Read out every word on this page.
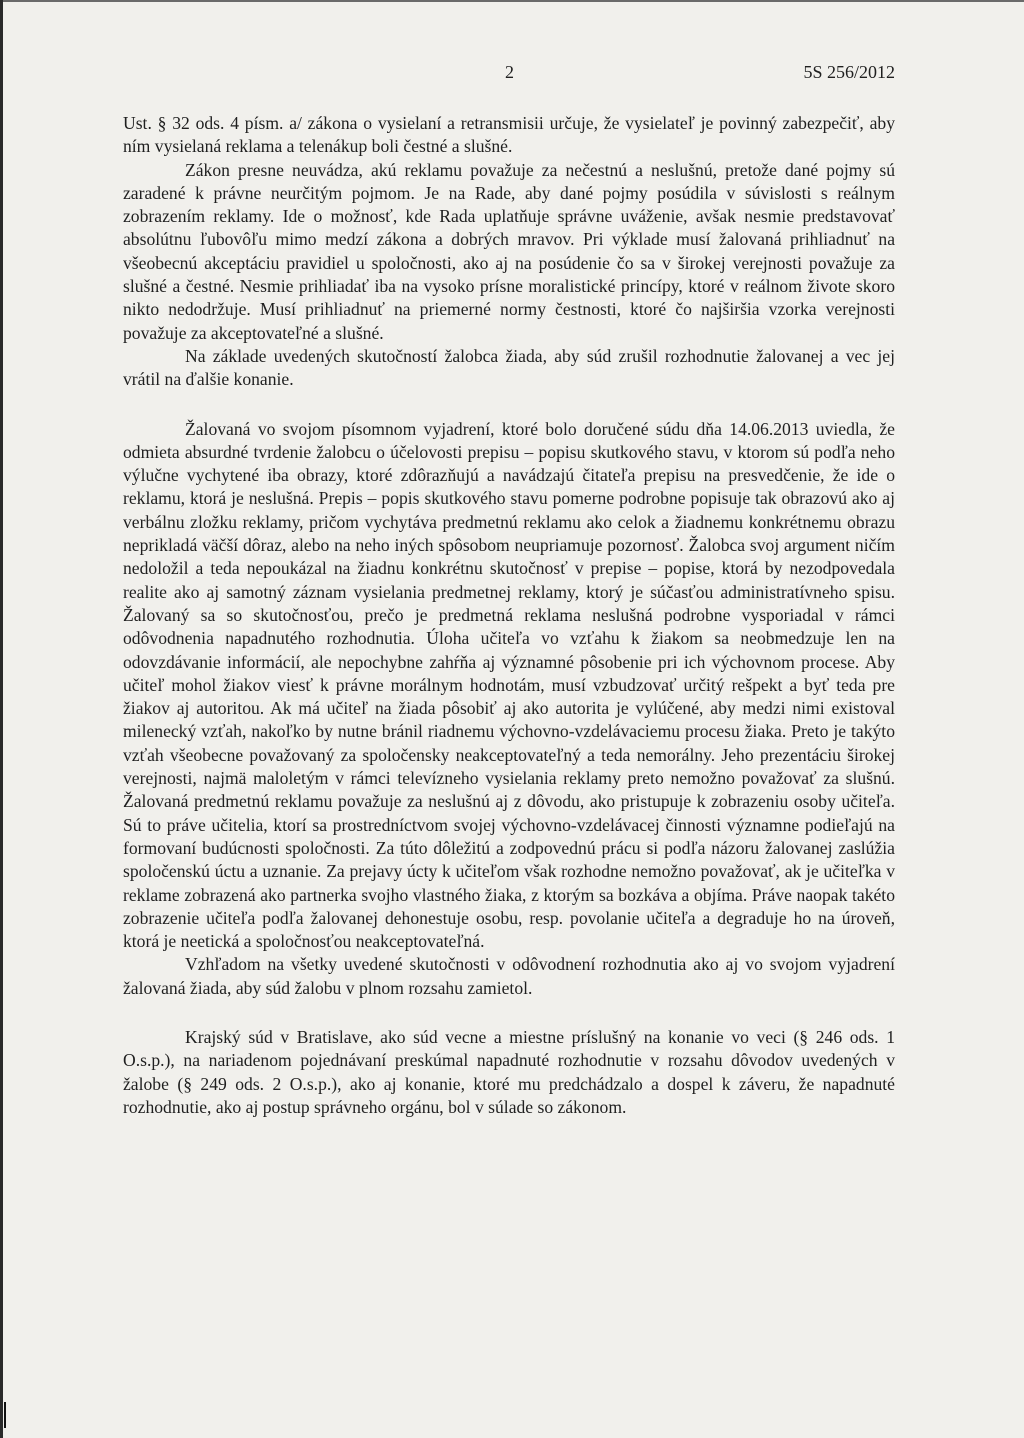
2	5S 256/2012

Ust. § 32 ods. 4 písm. a/ zákona o vysielaní a retransmisii určuje, že vysielateľ je povinný zabezpečiť, aby ním vysielaná reklama a telenákup boli čestné a slušné.

Zákon presne neuvádza, akú reklamu považuje za nečestnú a neslušnú, pretože dané pojmy sú zaradené k právne neurčitým pojmom. Je na Rade, aby dané pojmy posúdila v súvislosti s reálnym zobrazením reklamy. Ide o možnosť, kde Rada uplatňuje správne uváženie, avšak nesmie predstavovať absolútnu ľubovôľu mimo medzí zákona a dobrých mravov. Pri výklade musí žalovaná prihliadnuť na všeobecnú akceptáciu pravidiel u spoločnosti, ako aj na posúdenie čo sa v širokej verejnosti považuje za slušné a čestné. Nesmie prihliadať iba na vysoko prísne moralistické princípy, ktoré v reálnom živote skoro nikto nedodržuje. Musí prihliadnuť na priemerné normy čestnosti, ktoré čo najširšia vzorka verejnosti považuje za akceptovateľné a slušné.

Na základe uvedených skutočností žalobca žiada, aby súd zrušil rozhodnutie žalovanej a vec jej vrátil na ďalšie konanie.

Žalovaná vo svojom písomnom vyjadrení, ktoré bolo doručené súdu dňa 14.06.2013 uviedla, že odmieta absurdné tvrdenie žalobcu o účelovosti prepisu – popisu skutkového stavu, v ktorom sú podľa neho výlučne vychytené iba obrazy, ktoré zdôrazňujú a navádzajú čitateľa prepisu na presvedčenie, že ide o reklamu, ktorá je neslušná. Prepis – popis skutkového stavu pomerne podrobne popisuje tak obrazovú ako aj verbálnu zložku reklamy, pričom vychytáva predmetnú reklamu ako celok a žiadnemu konkrétnemu obrazu neprikladá väčší dôraz, alebo na neho iných spôsobom neupriamuje pozornosť. Žalobca svoj argument ničím nedoložil a teda nepoukázal na žiadnu konkrétnu skutočnosť v prepise – popise, ktorá by nezodpovedala realite ako aj samotný záznam vysielania predmetnej reklamy, ktorý je súčasťou administratívneho spisu. Žalovaný sa so skutočnosťou, prečo je predmetná reklama neslušná podrobne vysporiadal v rámci odôvodnenia napadnutého rozhodnutia. Úloha učiteľa vo vzťahu k žiakom sa neobmedzuje len na odovzdávanie informácií, ale nepochybne zahŕňa aj významné pôsobenie pri ich výchovnom procese. Aby učiteľ mohol žiakov viesť k právne morálnym hodnotám, musí vzbudzovať určitý rešpekt a byť teda pre žiakov aj autoritou. Ak má učiteľ na žiada pôsobiť aj ako autorita je vylúčené, aby medzi nimi existoval milenecký vzťah, nakoľko by nutne bránil riadnemu výchovno-vzdelávaciemu procesu žiaka. Preto je takýto vzťah všeobecne považovaný za spoločensky neakceptovateľný a teda nemorálny. Jeho prezentáciu širokej verejnosti, najmä maloletým v rámci televízneho vysielania reklamy preto nemožno považovať za slušnú. Žalovaná predmetnú reklamu považuje za neslušnú aj z dôvodu, ako pristupuje k zobrazeniu osoby učiteľa. Sú to práve učitelia, ktorí sa prostredníctvom svojej výchovno-vzdelávacej činnosti významne podieľajú na formovaní budúcnosti spoločnosti. Za túto dôležitú a zodpovednú prácu si podľa názoru žalovanej zaslúžia spoločenskú úctu a uznanie. Za prejavy úcty k učiteľom však rozhodne nemožno považovať, ak je učiteľka v reklame zobrazená ako partnerka svojho vlastného žiaka, z ktorým sa bozkáva a objíma. Práve naopak takéto zobrazenie učiteľa podľa žalovanej dehonestuje osobu, resp. povolanie učiteľa a degraduje ho na úroveň, ktorá je neetická a spoločnosťou neakceptovateľná.

Vzhľadom na všetky uvedené skutočnosti v odôvodnení rozhodnutia ako aj vo svojom vyjadrení žalovaná žiada, aby súd žalobu v plnom rozsahu zamietol.

Krajský súd v Bratislave, ako súd vecne a miestne príslušný na konanie vo veci (§ 246 ods. 1 O.s.p.), na nariadenom pojednávaní preskúmal napadnuté rozhodnutie v rozsahu dôvodov uvedených v žalobe (§ 249 ods. 2 O.s.p.), ako aj konanie, ktoré mu predchádzalo a dospel k záveru, že napadnuté rozhodnutie, ako aj postup správneho orgánu, bol v súlade so zákonom.
